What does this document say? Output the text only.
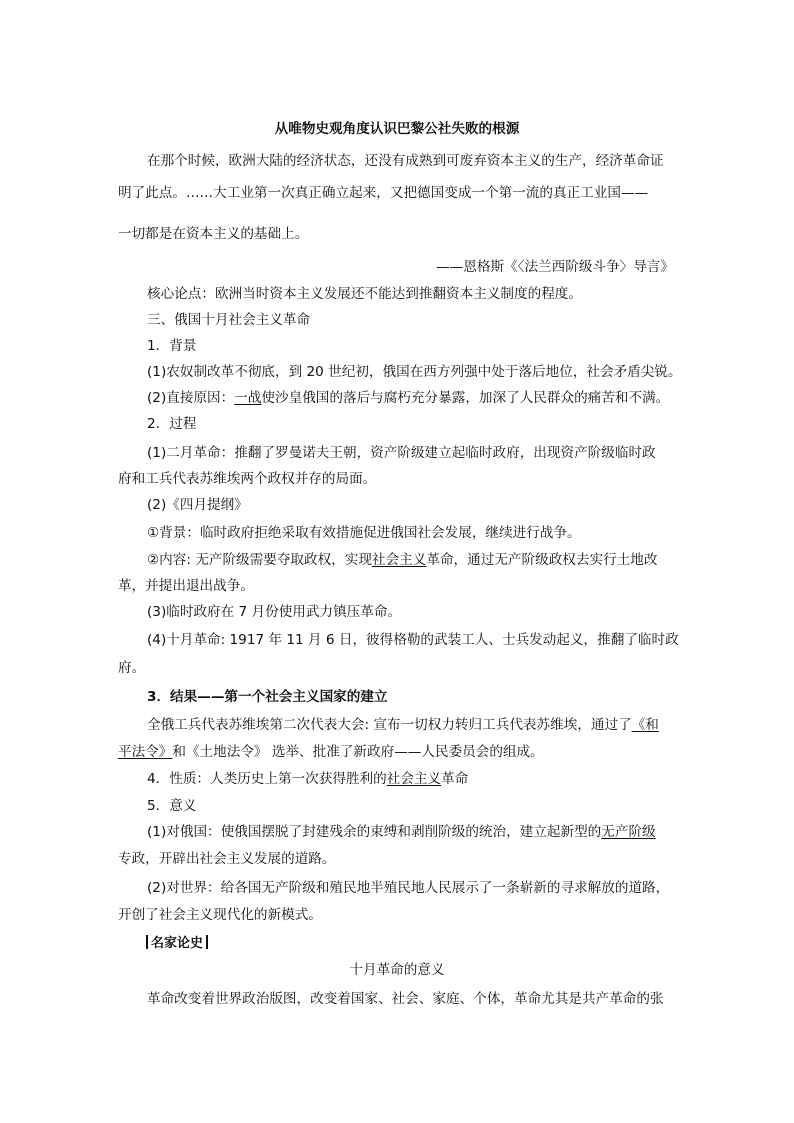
从唯物史观角度认识巴黎公社失败的根源
在那个时候，欧洲大陆的经济状态，还没有成熟到可废弃资本主义的生产，经济革命证
明了此点。……大工业第一次真正确立起来，又把德国变成一个第一流的真正工业国——
一切都是在资本主义的基础上。
——恩格斯《〈法兰西阶级斗争〉导言》
核心论点：欧洲当时资本主义发展还不能达到推翻资本主义制度的程度。
三、俄国十月社会主义革命
1．背景
(1)农奴制改革不彻底，到 20 世纪初，俄国在西方列强中处于落后地位，社会矛盾尖锐。
(2)直接原因：一战使沙皇俄国的落后与腐朽充分暴露，加深了人民群众的痛苦和不满。
2．过程
(1)二月革命：推翻了罗曼诺夫王朝，资产阶级建立起临时政府，出现资产阶级临时政
府和工兵代表苏维埃两个政权并存的局面。
(2)《四月提纲》
①背景：临时政府拒绝采取有效措施促进俄国社会发展，继续进行战争。
②内容: 无产阶级需要夺取政权，实现社会主义革命，通过无产阶级政权去实行土地改
革，并提出退出战争。
(3)临时政府在 7 月份使用武力镇压革命。
(4)十月革命: 1917 年 11 月 6 日，彼得格勒的武装工人、士兵发动起义，推翻了临时政
府。
3．结果——第一个社会主义国家的建立
全俄工兵代表苏维埃第二次代表大会: 宣布一切权力转归工兵代表苏维埃，通过了《和
平法令》和《土地法令》 选举、批准了新政府——人民委员会的组成。
4．性质：人类历史上第一次获得胜利的社会主义革命
5．意义
(1)对俄国：使俄国摆脱了封建残余的束缚和剥削阶级的统治，建立起新型的无产阶级
专政，开辟出社会主义发展的道路。
(2)对世界：给各国无产阶级和殖民地半殖民地人民展示了一条崭新的寻求解放的道路，
开创了社会主义现代化的新模式。
名家论史
十月革命的意义
革命改变着世界政治版图，改变着国家、社会、家庭、个体，革命尤其是共产革命的张
